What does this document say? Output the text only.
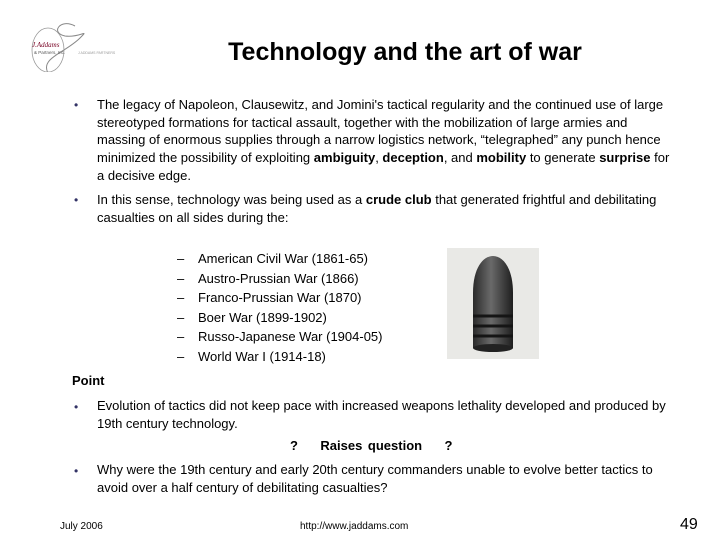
J.Addams
& Partners, Inc.	J ADDAMS PARTNERS	Technology and the art of war
• The legacy of Napoleon, Clausewitz, and Jomini's tactical regularity and the continued use of large stereotyped formations for tactical assault, together with the mobilization of large armies and massing of enormous supplies through a narrow logistics network, “telegraphed” any punch hence minimized the possibility of exploiting ambiguity, deception, and mobility to generate surprise for a decisive edge.
• In this sense, technology was being used as a crude club that generated frightful and debilitating casualties on all sides during the:
– American Civil War (1861-65)
– Austro-Prussian War (1866)
– Franco-Prussian War (1870)
– Boer War (1899-1902)
– Russo-Japanese War (1904-05)
– World War I (1914-18)
Point
• Evolution of tactics did not keep pace with increased weapons lethality developed and produced by 19th century technology.
?    Raises question    ?
• Why were the 19th century and early 20th century commanders unable to evolve better tactics to avoid over a half century of debilitating casualties?
July 2006	http://www.jaddams.com	49
